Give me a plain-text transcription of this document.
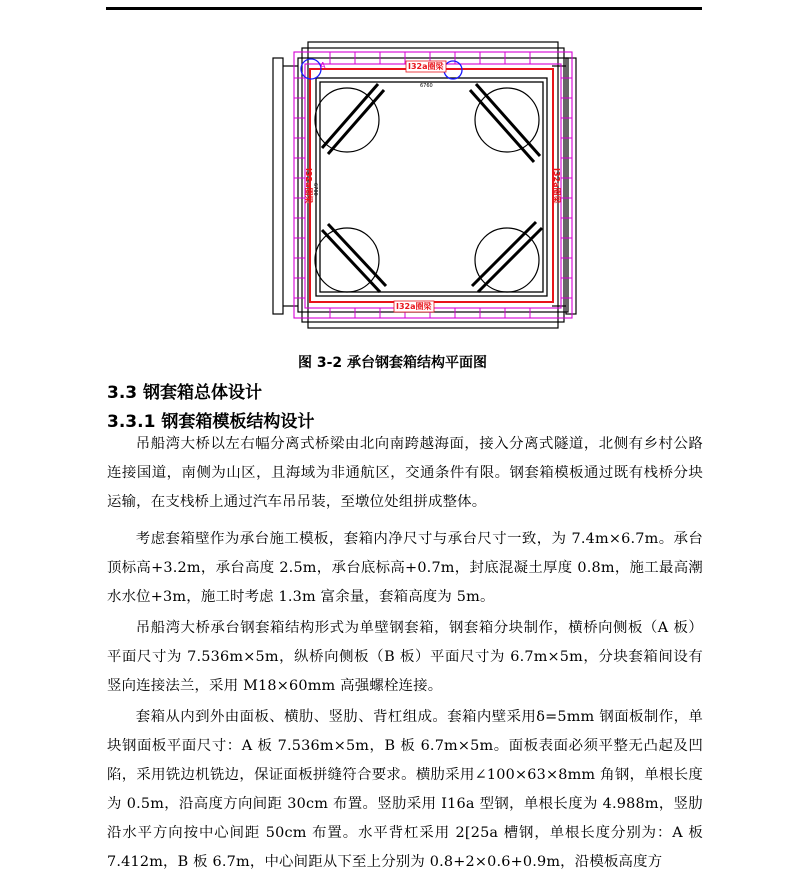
I32a圈梁
I32a圈梁
I32a圈梁	I32a圈梁
A
6760
6700
图 3-2 承台钢套箱结构平面图
3.3 钢套箱总体设计
3.3.1 钢套箱模板结构设计
吊船湾大桥以左右幅分离式桥梁由北向南跨越海面，接入分离式隧道，北侧有乡村公路连接国道，南侧为山区，且海域为非通航区，交通条件有限。钢套箱模板通过既有栈桥分块运输，在支栈桥上通过汽车吊吊装，至墩位处组拼成整体。
考虑套箱壁作为承台施工模板，套箱内净尺寸与承台尺寸一致，为 7.4m×6.7m。承台顶标高+3.2m，承台高度 2.5m，承台底标高+0.7m，封底混凝土厚度 0.8m，施工最高潮水水位+3m，施工时考虑 1.3m 富余量，套箱高度为 5m。
吊船湾大桥承台钢套箱结构形式为单壁钢套箱，钢套箱分块制作，横桥向侧板（A 板）平面尺寸为 7.536m×5m，纵桥向侧板（B 板）平面尺寸为 6.7m×5m，分块套箱间设有竖向连接法兰，采用 M18×60mm 高强螺栓连接。
套箱从内到外由面板、横肋、竖肋、背杠组成。套箱内壁采用δ=5mm 钢面板制作，单块钢面板平面尺寸：A 板 7.536m×5m，B 板 6.7m×5m。面板表面必须平整无凸起及凹陷，采用铣边机铣边，保证面板拼缝符合要求。横肋采用∠100×63×8mm 角钢，单根长度为 0.5m，沿高度方向间距 30cm 布置。竖肋采用 I16a 型钢，单根长度为 4.988m，竖肋沿水平方向按中心间距 50cm 布置。水平背杠采用 2[25a 槽钢，单根长度分别为：A 板 7.412m，B 板 6.7m，中心间距从下至上分别为 0.8+2×0.6+0.9m，沿模板高度方
